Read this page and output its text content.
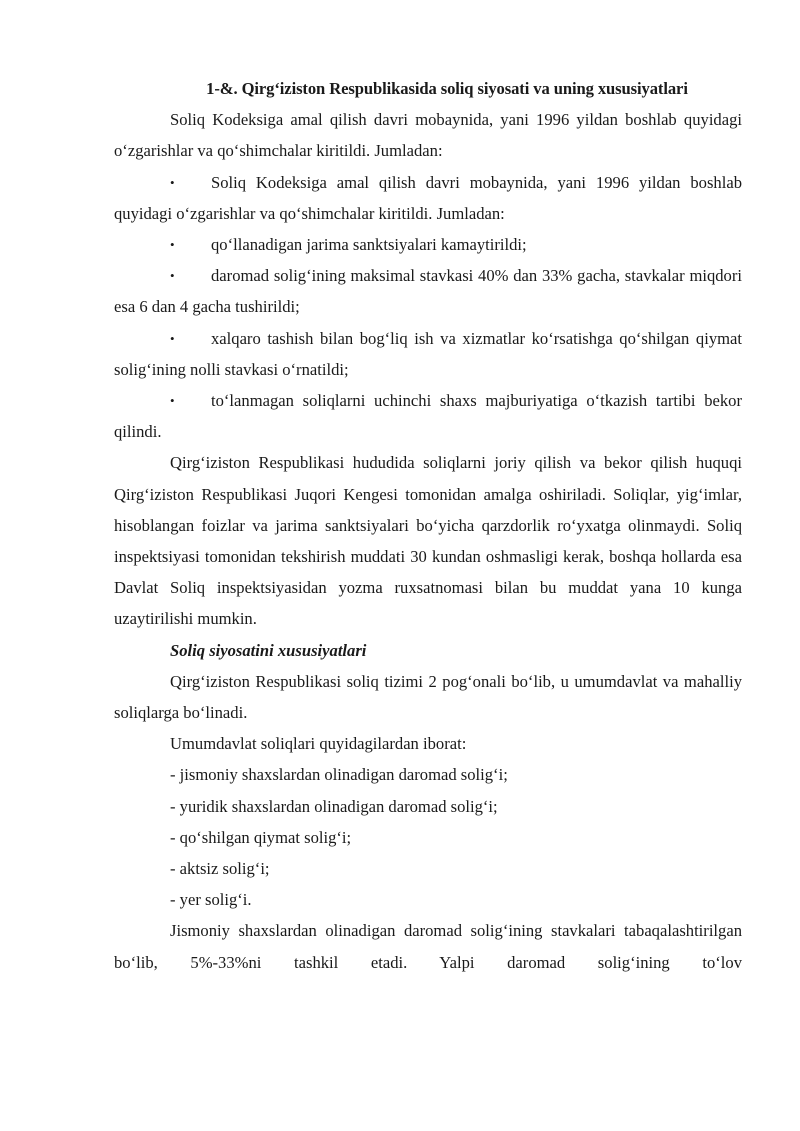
1-&. Qirg‘iziston Respublikasida soliq siyosati va uning xususiyatlari

Soliq Kodeksiga amal qilish davri mobaynida, yani 1996 yildan boshlab quyidagi o‘zgarishlar va qo‘shimchalar kiritildi. Jumladan:

• Soliq Kodeksiga amal qilish davri mobaynida, yani 1996 yildan boshlab quyidagi o‘zgarishlar va qo‘shimchalar kiritildi. Jumladan:

• qo‘llanadigan jarima sanktsiyalari kamaytirildi;

• daromad solig‘ining maksimal stavkasi 40% dan 33% gacha, stavkalar miqdori esa 6 dan 4 gacha tushirildi;

• xalqaro tashish bilan bog‘liq ish va xizmatlar ko‘rsatishga qo‘shilgan qiymat solig‘ining nolli stavkasi o‘rnatildi;

• to‘lanmagan soliqlarni uchinchi shaxs majburiyatiga o‘tkazish tartibi bekor qilindi.

Qirg‘iziston Respublikasi hududida soliqlarni joriy qilish va bekor qilish huquqi Qirg‘iziston Respublikasi Juqori Kengesi tomonidan amalga oshiriladi. Soliqlar, yig‘imlar, hisoblangan foizlar va jarima sanktsiyalari bo‘yicha qarzdorlik ro‘yxatga olinmaydi. Soliq inspektsiyasi tomonidan tekshirish muddati 30 kundan oshmasligi kerak, boshqa hollarda esa Davlat Soliq inspektsiyasidan yozma ruxsatnomasi bilan bu muddat yana 10 kunga uzaytirilishi mumkin.

Soliq siyosatini xususiyatlari

Qirg‘iziston Respublikasi soliq tizimi 2 pog‘onali bo‘lib, u umumdavlat va mahalliy soliqlarga bo‘linadi.

Umumdavlat soliqlari quyidagilardan iborat:

- jismoniy shaxslardan olinadigan daromad solig‘i;

- yuridik shaxslardan olinadigan daromad solig‘i;

- qo‘shilgan qiymat solig‘i;

- aktsiz solig‘i;

- yer solig‘i.

Jismoniy shaxslardan olinadigan daromad solig‘ining stavkalari tabaqalashtirilgan bo‘lib, 5%-33%ni tashkil etadi. Yalpi daromad solig‘ining to‘lov
